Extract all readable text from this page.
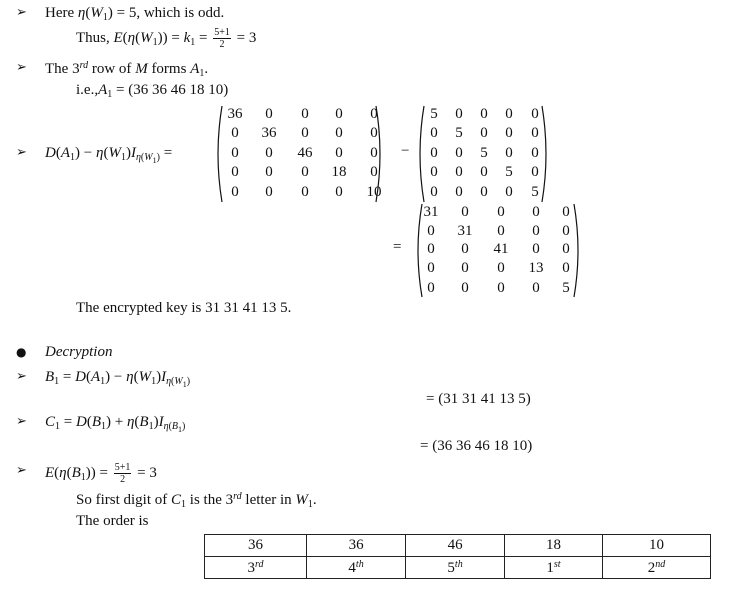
➢
➢
➢
●
➢
➢
➢
Here $\eta(W_1) = 5$, which is odd.
Thus, $E(\eta(W_1)) = k_1 = \frac{5+1}{2} = 3$
The 3rd row of M forms $A_1$.
$i.e.,A_1 = (36$ 36 46 18 10)
$D(A_1) - \eta(W_1)I_{\eta(W_1)}$ =
36	0	0	0	0
0	36	0	0	0
0	0	46	0	0
0	0	0	18	0
0	0	0	0	10
−
5	0	0	0	0
0	5	0	0	0
0	0	5	0	0
0	0	0	5	0
0	0	0	0	5
=
31	0	0	0	0
0	31	0	0	0
0	0	41	0	0
0	0	0	13	0
0	0	0	0	5
The encrypted key is 31 31 41 13 5.
Decryption
$B_1 = D(A_1) - \eta(W_1)I_{\eta(W_1)}$
= (31 31 41 13 5)
$C_1 = D(B_1) + \eta(B_1)I_{\eta(B_1)}$
= (36 36 46 18 10)
$E(\eta(B_1)) = \frac{5+1}{2} = 3$
So first digit of $C_1$ is the 3rd letter in $W_1$.
The order is
36	36	46	18	10
3rd	4th	5th	1st	2nd
